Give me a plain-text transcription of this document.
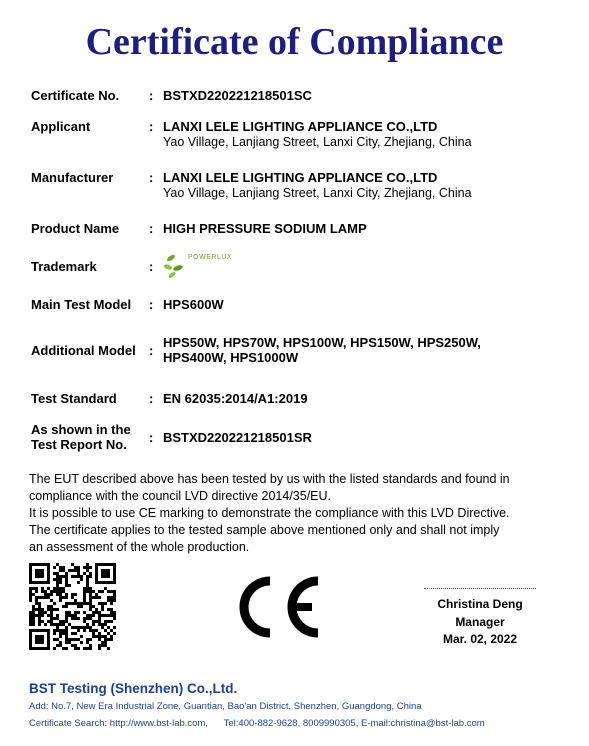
Certificate of Compliance
Certificate No. : BSTXD220221218501SC
Applicant	: LANXI LELE LIGHTING APPLIANCE CO.,LTD
Yao Village, Lanjiang Street, Lanxi City, Zhejiang, China
Manufacturer	: LANXI LELE LIGHTING APPLIANCE CO.,LTD
Yao Village, Lanjiang Street, Lanxi City, Zhejiang, China
Product Name : HIGH PRESSURE SODIUM LAMP
Trademark	:
POWERLUX
Main Test Model : HPS600W
Additional Model :
HPS50W, HPS70W, HPS100W, HPS150W, HPS250W,
HPS400W, HPS1000W
Test Standard : EN 62035:2014/A1:2019
As shown in the
Test Report No. : BSTXD220221218501SR

The EUT described above has been tested by us with the listed standards and found in

compliance with the council LVD directive 2014/35/EU.

It is possible to use CE marking to demonstrate the compliance with this LVD Directive.

The certificate applies to the tested sample above mentioned only and shall not imply

an assessment of the whole production.

Christina Deng
Manager
Mar. 02, 2022
BST Testing (Shenzhen) Co.,Ltd.
Add: No.7, New Era Industrial Zone, Guantian, Bao'an District, Shenzhen, Guangdong, China
Certificate Search: http://www.bst-lab.com,      Tel:400-882-9628, 8009990305, E-mail:christina@bst-lab.com
